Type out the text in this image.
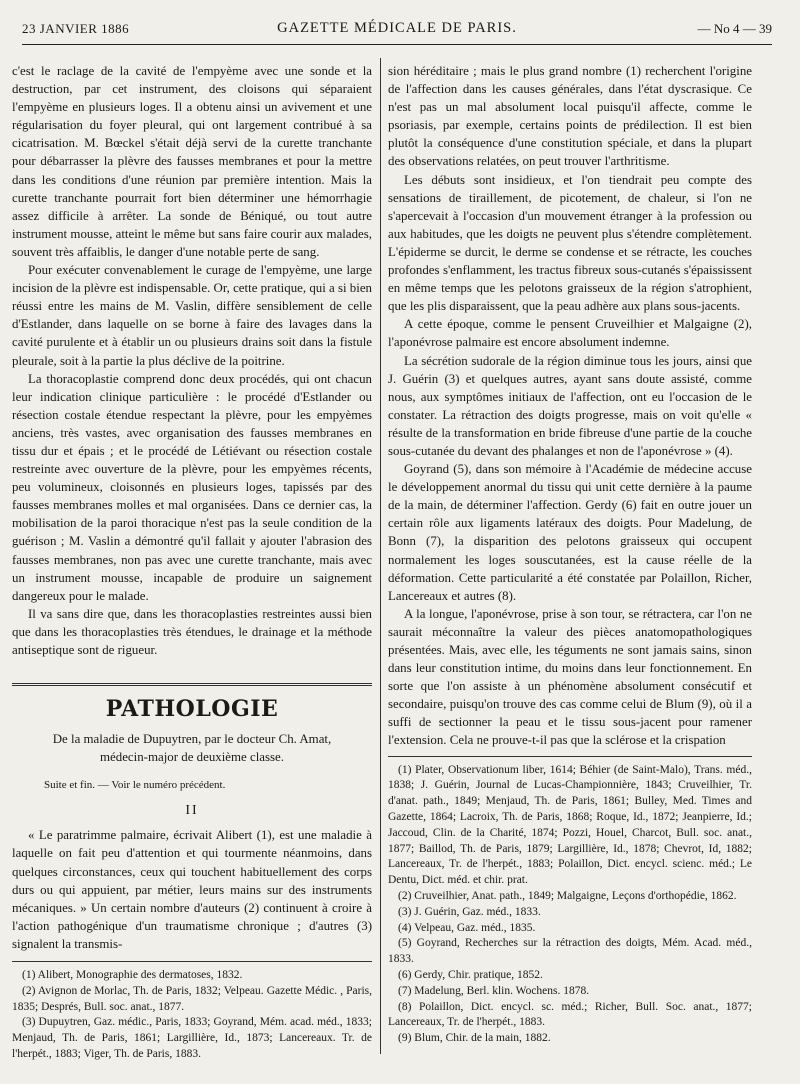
23 JANVIER 1886	GAZETTE MÉDICALE DE PARIS.	— No 4 — 39

c'est le raclage de la cavité de l'empyème avec une sonde et la destruction, par cet instrument, des cloisons qui séparaient l'empyème en plusieurs loges. Il a obtenu ainsi un avivement et une régularisation du foyer pleural, qui ont largement contribué à sa cicatrisation. M. Bœckel s'était déjà servi de la curette tranchante pour débarrasser la plèvre des fausses membranes et pour la mettre dans les conditions d'une réunion par première intention. Mais la curette tranchante pourrait fort bien déterminer une hémorrhagie assez difficile à arrêter. La sonde de Béniqué, ou tout autre instrument mousse, atteint le même but sans faire courir aux malades, souvent très affaiblis, le danger d'une notable perte de sang.

Pour exécuter convenablement le curage de l'empyème, une large incision de la plèvre est indispensable. Or, cette pratique, qui a si bien réussi entre les mains de M. Vaslin, diffère sensiblement de celle d'Estlander, dans laquelle on se borne à faire des lavages dans la cavité purulente et à établir un ou plusieurs drains soit dans la fistule pleurale, soit à la partie la plus déclive de la poitrine.

La thoracoplastie comprend donc deux procédés, qui ont chacun leur indication clinique particulière : le procédé d'Estlander ou résection costale étendue respectant la plèvre, pour les empyèmes anciens, très vastes, avec organisation des fausses membranes en tissu dur et épais ; et le procédé de Létiévant ou résection costale restreinte avec ouverture de la plèvre, pour les empyèmes récents, peu volumineux, cloisonnés en plusieurs loges, tapissés par des fausses membranes molles et mal organisées. Dans ce dernier cas, la mobilisation de la paroi thoracique n'est pas la seule condition de la guérison ; M. Vaslin a démontré qu'il fallait y ajouter l'abrasion des fausses membranes, non pas avec une curette tranchante, mais avec un instrument mousse, incapable de produire un saignement dangereux pour le malade.

Il va sans dire que, dans les thoracoplasties restreintes aussi bien que dans les thoracoplasties très étendues, le drainage et la méthode antiseptique sont de rigueur.

PATHOLOGIE
De la maladie de Dupuytren, par le docteur Ch. Amat,
médecin-major de deuxième classe.
Suite et fin. — Voir le numéro précédent.
II

« Le paratrimme palmaire, écrivait Alibert (1), est une maladie à laquelle on fait peu d'attention et qui tourmente néanmoins, dans quelques circonstances, ceux qui touchent habituellement des corps durs ou qui appuient, par métier, leurs mains sur des instruments mécaniques. » Un certain nombre d'auteurs (2) continuent à croire à l'action pathogénique d'un traumatisme chronique ; d'autres (3) signalent la transmis-

(1) Alibert, Monographie des dermatoses, 1832.

(2) Avignon de Morlac, Th. de Paris, 1832; Velpeau. Gazette Médic. , Paris, 1835; Després, Bull. soc. anat., 1877.

(3) Dupuytren, Gaz. médic., Paris, 1833; Goyrand, Mém. acad. méd., 1833; Menjaud, Th. de Paris, 1861; Largillière, Id., 1873; Lancereaux. Tr. de l'herpét., 1883; Viger, Th. de Paris, 1883.

sion héréditaire ; mais le plus grand nombre (1) recherchent l'origine de l'affection dans les causes générales, dans l'état dyscrasique. Ce n'est pas un mal absolument local puisqu'il affecte, comme le psoriasis, par exemple, certains points de prédilection. Il est bien plutôt la conséquence d'une constitution spéciale, et dans la plupart des observations relatées, on peut trouver l'arthritisme.

Les débuts sont insidieux, et l'on tiendrait peu compte des sensations de tiraillement, de picotement, de chaleur, si l'on ne s'apercevait à l'occasion d'un mouvement étranger à la profession ou aux habitudes, que les doigts ne peuvent plus s'étendre complètement. L'épiderme se durcit, le derme se condense et se rétracte, les couches profondes s'enflamment, les tractus fibreux sous-cutanés s'épaississent en même temps que les pelotons graisseux de la région s'atrophient, que les plis disparaissent, que la peau adhère aux plans sous-jacents.

A cette époque, comme le pensent Cruveilhier et Malgaigne (2), l'aponévrose palmaire est encore absolument indemne.

La sécrétion sudorale de la région diminue tous les jours, ainsi que J. Guérin (3) et quelques autres, ayant sans doute assisté, comme nous, aux symptômes initiaux de l'affection, ont eu l'occasion de le constater. La rétraction des doigts progresse, mais on voit qu'elle « résulte de la transformation en bride fibreuse d'une partie de la couche sous-cutanée du devant des phalanges et non de l'aponévrose » (4).

Goyrand (5), dans son mémoire à l'Académie de médecine accuse le développement anormal du tissu qui unit cette dernière à la paume de la main, de déterminer l'affection. Gerdy (6) fait en outre jouer un certain rôle aux ligaments latéraux des doigts. Pour Madelung, de Bonn (7), la disparition des pelotons graisseux qui occupent normalement les loges souscutanées, est la cause réelle de la déformation. Cette particularité a été constatée par Polaillon, Richer, Lancereaux et autres (8).

A la longue, l'aponévrose, prise à son tour, se rétractera, car l'on ne saurait méconnaître la valeur des pièces anatomopathologiques présentées. Mais, avec elle, les téguments ne sont jamais sains, sinon dans leur constitution intime, du moins dans leur fonctionnement. En sorte que l'on assiste à un phénomène absolument consécutif et secondaire, puisqu'on trouve des cas comme celui de Blum (9), où il a suffi de sectionner la peau et le tissu sous-jacent pour ramener l'extension. Cela ne prouve-t-il pas que la sclérose et la crispation

(1) Plater, Observationum liber, 1614; Béhier (de Saint-Malo), Trans. méd., 1838; J. Guérin, Journal de Lucas-Championnière, 1843; Cruveilhier, Tr. d'anat. path., 1849; Menjaud, Th. de Paris, 1861; Bulley, Med. Times and Gazette, 1864; Lacroix, Th. de Paris, 1868; Roque, Id., 1872; Jeanpierre, Id.; Jaccoud, Clin. de la Charité, 1874; Pozzi, Houel, Charcot, Bull. soc. anat., 1877; Baillod, Th. de Paris, 1879; Largillière, Id., 1878; Chevrot, Id, 1882; Lancereaux, Tr. de l'herpét., 1883; Polaillon, Dict. encycl. scienc. méd.; Le Dentu, Dict. méd. et chir. prat.

(2) Cruveilhier, Anat. path., 1849; Malgaigne, Leçons d'orthopédie, 1862.

(3) J. Guérin, Gaz. méd., 1833.

(4) Velpeau, Gaz. méd., 1835.

(5) Goyrand, Recherches sur la rétraction des doigts, Mém. Acad. méd., 1833.

(6) Gerdy, Chir. pratique, 1852.

(7) Madelung, Berl. klin. Wochens. 1878.

(8) Polaillon, Dict. encycl. sc. méd.; Richer, Bull. Soc. anat., 1877; Lancereaux, Tr. de l'herpét., 1883.

(9) Blum, Chir. de la main, 1882.
